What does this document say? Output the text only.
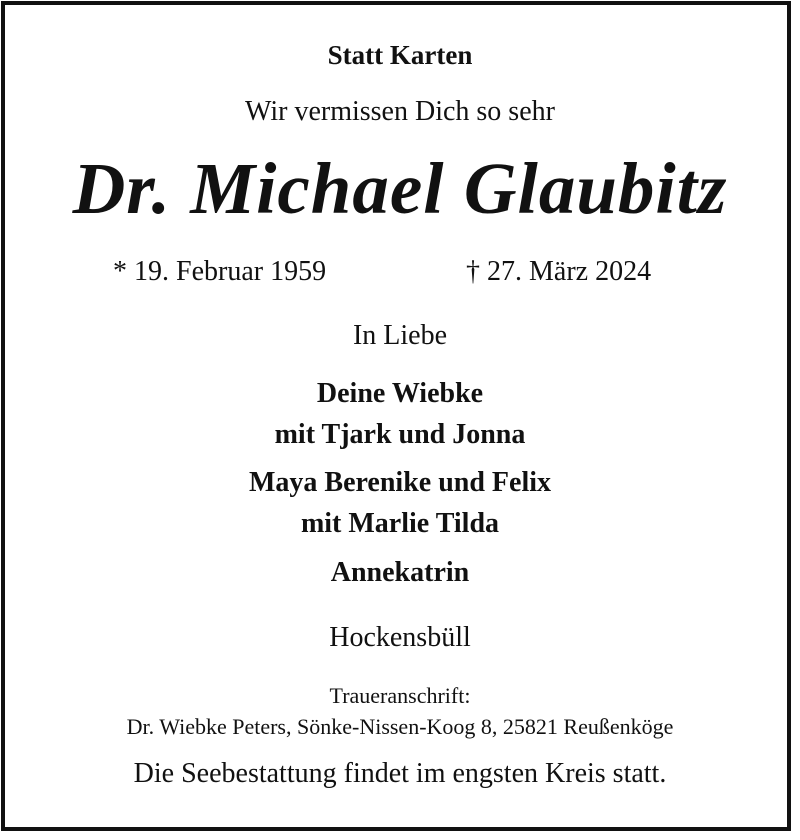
Statt Karten
Wir vermissen Dich so sehr
Dr. Michael Glaubitz
* 19. Februar 1959	† 27. März 2024
In Liebe
Deine Wiebke
mit Tjark und Jonna
Maya Berenike und Felix
mit Marlie Tilda
Annekatrin
Hockensbüll
Traueranschrift:
Dr. Wiebke Peters, Sönke-Nissen-Koog 8, 25821 Reußenköge
Die Seebestattung findet im engsten Kreis statt.
